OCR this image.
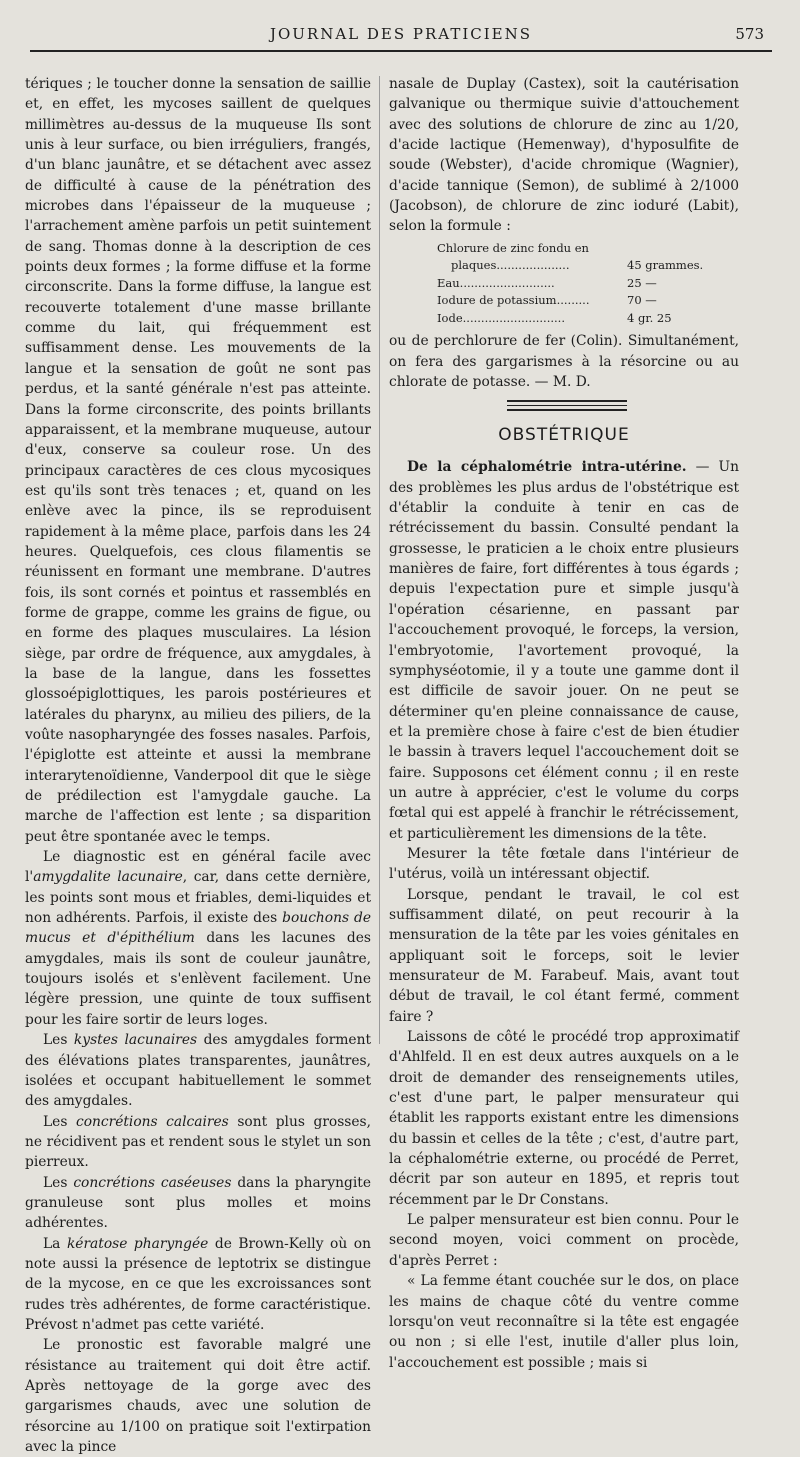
JOURNAL DES PRATICIENS	573

tériques ; le toucher donne la sensation de saillie et, en effet, les mycoses saillent de quelques millimètres au-dessus de la muqueuse Ils sont unis à leur surface, ou bien irréguliers, frangés, d'un blanc jaunâtre, et se détachent avec assez de difficulté à cause de la pénétration des microbes dans l'épaisseur de la muqueuse ; l'arrachement amène parfois un petit suintement de sang. Thomas donne à la description de ces points deux formes ; la forme diffuse et la forme circonscrite. Dans la forme diffuse, la langue est recouverte totalement d'une masse brillante comme du lait, qui fréquemment est suffisamment dense. Les mouvements de la langue et la sensation de goût ne sont pas perdus, et la santé générale n'est pas atteinte. Dans la forme circonscrite, des points brillants apparaissent, et la membrane muqueuse, autour d'eux, conserve sa couleur rose. Un des principaux caractères de ces clous mycosiques est qu'ils sont très tenaces ; et, quand on les enlève avec la pince, ils se reproduisent rapidement à la même place, parfois dans les 24 heures. Quelquefois, ces clous filamentis se réunissent en formant une membrane. D'autres fois, ils sont cornés et pointus et rassemblés en forme de grappe, comme les grains de figue, ou en forme des plaques musculaires. La lésion siège, par ordre de fréquence, aux amygdales, à la base de la langue, dans les fossettes glossoépiglottiques, les parois postérieures et latérales du pharynx, au milieu des piliers, de la voûte nasopharyngée des fosses nasales. Parfois, l'épiglotte est atteinte et aussi la membrane interarytenoïdienne, Vanderpool dit que le siège de prédilection est l'amygdale gauche. La marche de l'affection est lente ; sa disparition peut être spontanée avec le temps.

Le diagnostic est en général facile avec l'amygdalite lacunaire, car, dans cette dernière, les points sont mous et friables, demi-liquides et non adhérents. Parfois, il existe des bouchons de mucus et d'épithélium dans les lacunes des amygdales, mais ils sont de couleur jaunâtre, toujours isolés et s'enlèvent facilement. Une légère pression, une quinte de toux suffisent pour les faire sortir de leurs loges.

Les kystes lacunaires des amygdales forment des élévations plates transparentes, jaunâtres, isolées et occupant habituellement le sommet des amygdales.

Les concrétions calcaires sont plus grosses, ne récidivent pas et rendent sous le stylet un son pierreux.

Les concrétions caséeuses dans la pharyngite granuleuse sont plus molles et moins adhérentes.

La kératose pharyngée de Brown-Kelly où on note aussi la présence de leptotrix se distingue de la mycose, en ce que les excroissances sont rudes très adhérentes, de forme caractéristique. Prévost n'admet pas cette variété.

Le pronostic est favorable malgré une résistance au traitement qui doit être actif. Après nettoyage de la gorge avec des gargarismes chauds, avec une solution de résorcine au 1/100 on pratique soit l'extirpation avec la pince

nasale de Duplay (Castex), soit la cautérisation galvanique ou thermique suivie d'attouchement avec des solutions de chlorure de zinc au 1/20, d'acide lactique (Hemenway), d'hyposulfite de soude (Webster), d'acide chromique (Wagnier), d'acide tannique (Semon), de sublimé à 2/1000 (Jacobson), de chlorure de zinc ioduré (Labit), selon la formule :

Chlorure de zinc fondu en
plaques....................	45 grammes.
Eau..........................	25 —
Iodure de potassium.........	70 —
Iode............................	4 gr. 25

ou de perchlorure de fer (Colin). Simultanément, on fera des gargarismes à la résorcine ou au chlorate de potasse. — M. D.

OBSTÉTRIQUE

De la céphalométrie intra-utérine. — Un des problèmes les plus ardus de l'obstétrique est d'établir la conduite à tenir en cas de rétrécissement du bassin. Consulté pendant la grossesse, le praticien a le choix entre plusieurs manières de faire, fort différentes à tous égards ; depuis l'expectation pure et simple jusqu'à l'opération césarienne, en passant par l'accouchement provoqué, le forceps, la version, l'embryotomie, l'avortement provoqué, la symphyséotomie, il y a toute une gamme dont il est difficile de savoir jouer. On ne peut se déterminer qu'en pleine connaissance de cause, et la première chose à faire c'est de bien étudier le bassin à travers lequel l'accouchement doit se faire. Supposons cet élément connu ; il en reste un autre à apprécier, c'est le volume du corps fœtal qui est appelé à franchir le rétrécissement, et particulièrement les dimensions de la tête.

Mesurer la tête fœtale dans l'intérieur de l'utérus, voilà un intéressant objectif.

Lorsque, pendant le travail, le col est suffisamment dilaté, on peut recourir à la mensuration de la tête par les voies génitales en appliquant soit le forceps, soit le levier mensurateur de M. Farabeuf. Mais, avant tout début de travail, le col étant fermé, comment faire ?

Laissons de côté le procédé trop approximatif d'Ahlfeld. Il en est deux autres auxquels on a le droit de demander des renseignements utiles, c'est d'une part, le palper mensurateur qui établit les rapports existant entre les dimensions du bassin et celles de la tête ; c'est, d'autre part, la céphalométrie externe, ou procédé de Perret, décrit par son auteur en 1895, et repris tout récemment par le Dr Constans.

Le palper mensurateur est bien connu. Pour le second moyen, voici comment on procède, d'après Perret :

« La femme étant couchée sur le dos, on place les mains de chaque côté du ventre comme lorsqu'on veut reconnaître si la tête est engagée ou non ; si elle l'est, inutile d'aller plus loin, l'accouchement est possible ; mais si
